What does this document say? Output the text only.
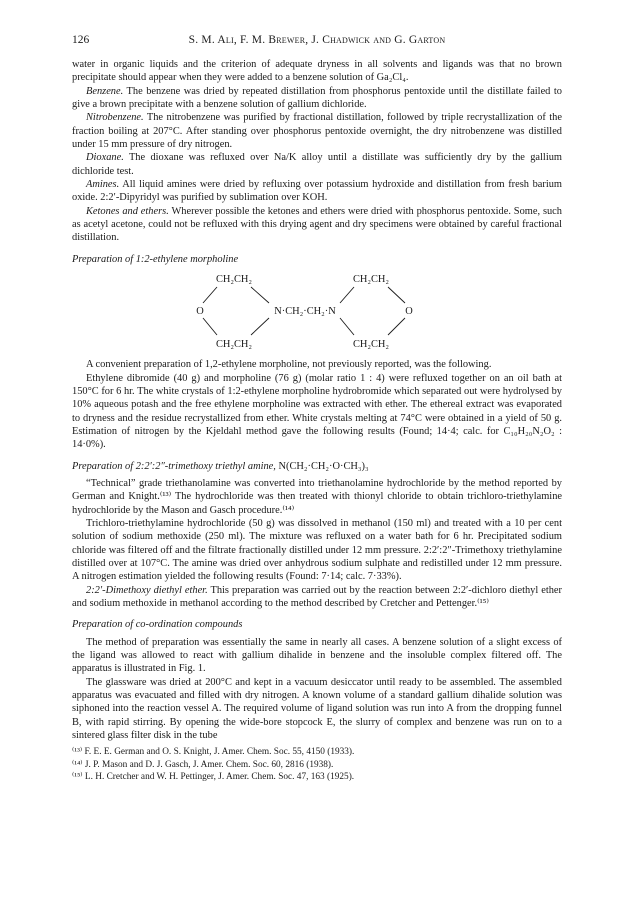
126	S. M. Ali, F. M. Brewer, J. Chadwick and G. Garton

water in organic liquids and the criterion of adequate dryness in all solvents and ligands was that no brown precipitate should appear when they were added to a benzene solution of Ga₂Cl₄.

Benzene. The benzene was dried by repeated distillation from phosphorus pentoxide until the distillate failed to give a brown precipitate with a benzene solution of gallium dichloride.

Nitrobenzene. The nitrobenzene was purified by fractional distillation, followed by triple recrystallization of the fraction boiling at 207°C. After standing over phosphorus pentoxide overnight, the dry nitrobenzene was distilled under 15 mm pressure of dry nitrogen.

Dioxane. The dioxane was refluxed over Na/K alloy until a distillate was sufficiently dry by the gallium dichloride test.

Amines. All liquid amines were dried by refluxing over potassium hydroxide and distillation from fresh barium oxide. 2:2′-Dipyridyl was purified by sublimation over KOH.

Ketones and ethers. Wherever possible the ketones and ethers were dried with phosphorus pentoxide. Some, such as acetyl acetone, could not be refluxed with this drying agent and dry specimens were obtained by careful fractional distillation.

Preparation of 1:2-ethylene morpholine

CH₂CH₂	CH₂CH₂
O	N·CH₂·CH₂·N	O
CH₂CH₂	CH₂CH₂

A convenient preparation of 1,2-ethylene morpholine, not previously reported, was the following.

Ethylene dibromide (40 g) and morpholine (76 g) (molar ratio 1 : 4) were refluxed together on an oil bath at 150°C for 6 hr. The white crystals of 1:2-ethylene morpholine hydrobromide which separated out were hydrolysed by 10% aqueous potash and the free ethylene morpholine was extracted with ether. The ethereal extract was evaporated to dryness and the residue recrystallized from ether. White crystals melting at 74°C were obtained in a yield of 50 g. Estimation of nitrogen by the Kjeldahl method gave the following results (Found; 14·4; calc. for C₁₀H₂₀N₂O₂ : 14·0%).

Preparation of 2:2′:2″-trimethoxy triethyl amine, N(CH₂·CH₂·O·CH₃)₃

“Technical” grade triethanolamine was converted into triethanolamine hydrochloride by the method reported by German and Knight.⁽¹³⁾ The hydrochloride was then treated with thionyl chloride to obtain trichloro-triethylamine hydrochloride by the Mason and Gasch procedure.⁽¹⁴⁾

Trichloro-triethylamine hydrochloride (50 g) was dissolved in methanol (150 ml) and treated with a 10 per cent solution of sodium methoxide (250 ml). The mixture was refluxed on a water bath for 6 hr. Precipitated sodium chloride was filtered off and the filtrate fractionally distilled under 12 mm pressure. 2:2′:2″-Trimethoxy triethylamine distilled over at 107°C. The amine was dried over anhydrous sodium sulphate and redistilled under 12 mm pressure. A nitrogen estimation yielded the following results (Found: 7·14; calc. 7·33%).

2:2′-Dimethoxy diethyl ether. This preparation was carried out by the reaction between 2:2′-dichloro diethyl ether and sodium methoxide in methanol according to the method described by Cretcher and Pettenger.⁽¹⁵⁾

Preparation of co-ordination compounds

The method of preparation was essentially the same in nearly all cases. A benzene solution of a slight excess of the ligand was allowed to react with gallium dihalide in benzene and the insoluble complex filtered off. The apparatus is illustrated in Fig. 1.

The glassware was dried at 200°C and kept in a vacuum desiccator until ready to be assembled. The assembled apparatus was evacuated and filled with dry nitrogen. A known volume of a standard gallium dihalide solution was siphoned into the reaction vessel A. The required volume of ligand solution was run into A from the dropping funnel B, with rapid stirring. By opening the wide-bore stopcock E, the slurry of complex and benzene was run on to a sintered glass filter disk in the tube

⁽¹³⁾ F. E. E. German and O. S. Knight, J. Amer. Chem. Soc. 55, 4150 (1933).

⁽¹⁴⁾ J. P. Mason and D. J. Gasch, J. Amer. Chem. Soc. 60, 2816 (1938).

⁽¹⁵⁾ L. H. Cretcher and W. H. Pettinger, J. Amer. Chem. Soc. 47, 163 (1925).
